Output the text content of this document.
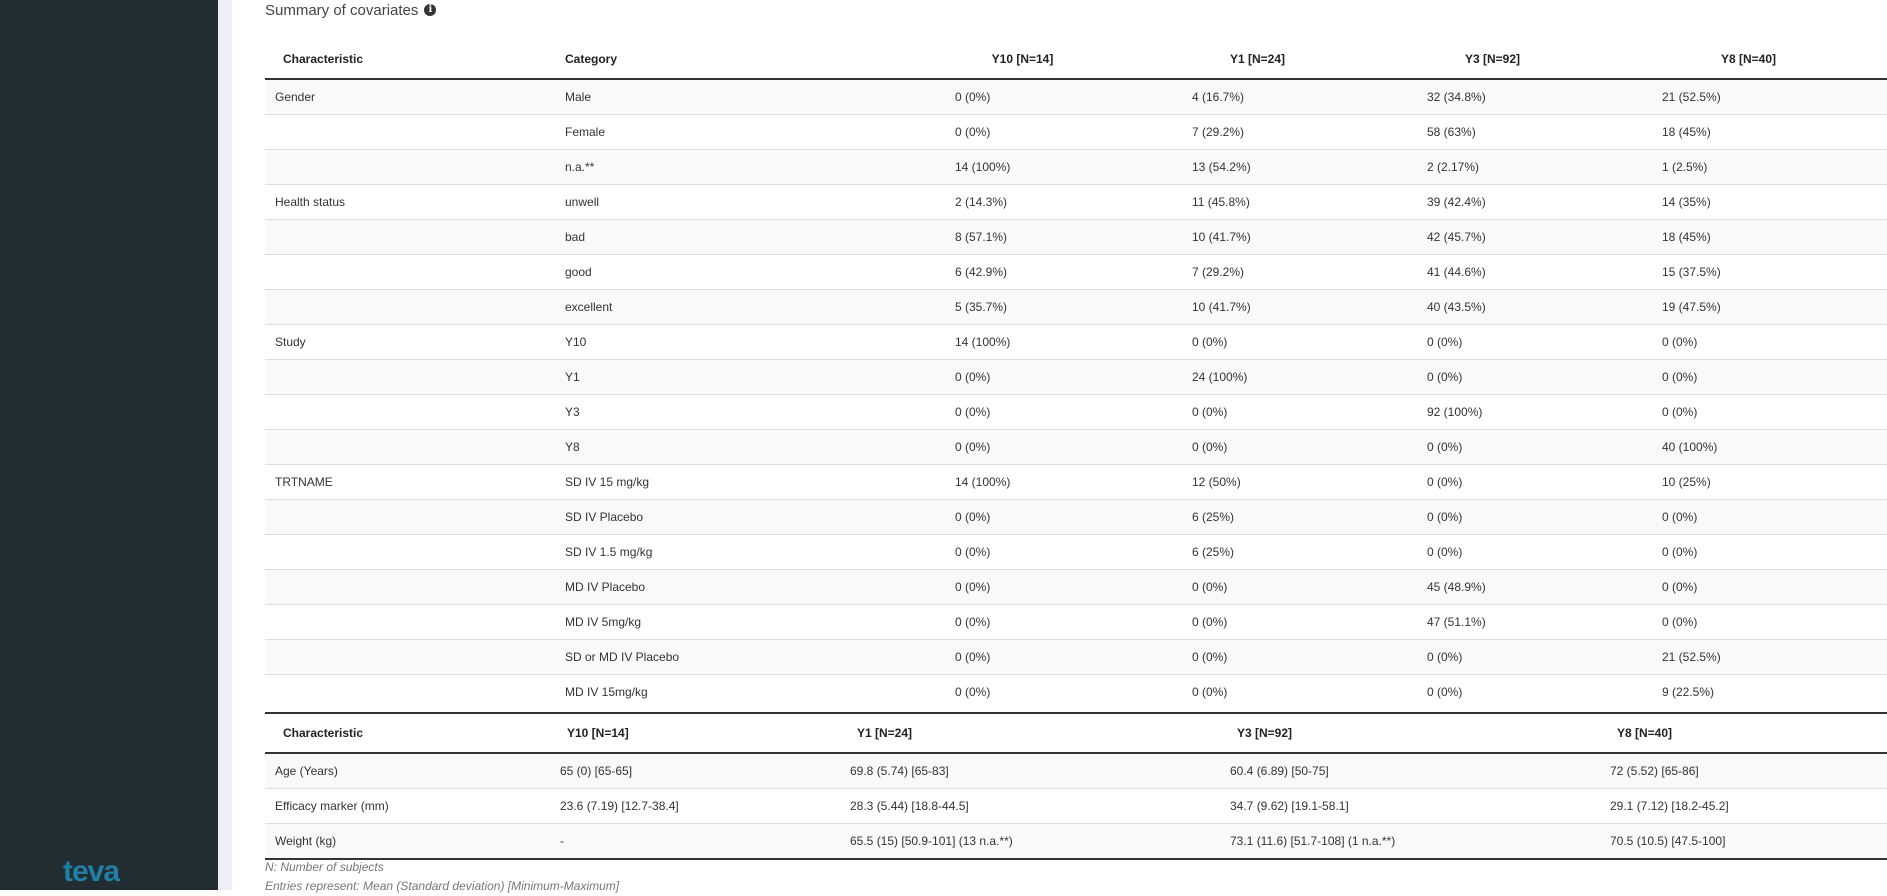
teva
Summary of covariates	i
Characteristic	Category	Y10 [N=14]	Y1 [N=24]	Y3 [N=92]	Y8 [N=40]
Gender	Male	0 (0%)	4 (16.7%)	32 (34.8%)	21 (52.5%)
	Female	0 (0%)	7 (29.2%)	58 (63%)	18 (45%)
	n.a.**	14 (100%)	13 (54.2%)	2 (2.17%)	1 (2.5%)
Health status	unwell	2 (14.3%)	11 (45.8%)	39 (42.4%)	14 (35%)
	bad	8 (57.1%)	10 (41.7%)	42 (45.7%)	18 (45%)
	good	6 (42.9%)	7 (29.2%)	41 (44.6%)	15 (37.5%)
	excellent	5 (35.7%)	10 (41.7%)	40 (43.5%)	19 (47.5%)
Study	Y10	14 (100%)	0 (0%)	0 (0%)	0 (0%)
	Y1	0 (0%)	24 (100%)	0 (0%)	0 (0%)
	Y3	0 (0%)	0 (0%)	92 (100%)	0 (0%)
	Y8	0 (0%)	0 (0%)	0 (0%)	40 (100%)
TRTNAME	SD IV 15 mg/kg	14 (100%)	12 (50%)	0 (0%)	10 (25%)
	SD IV Placebo	0 (0%)	6 (25%)	0 (0%)	0 (0%)
	SD IV 1.5 mg/kg	0 (0%)	6 (25%)	0 (0%)	0 (0%)
	MD IV Placebo	0 (0%)	0 (0%)	45 (48.9%)	0 (0%)
	MD IV 5mg/kg	0 (0%)	0 (0%)	47 (51.1%)	0 (0%)
	SD or MD IV Placebo	0 (0%)	0 (0%)	0 (0%)	21 (52.5%)
	MD IV 15mg/kg	0 (0%)	0 (0%)	0 (0%)	9 (22.5%)
Characteristic	Y10 [N=14]	Y1 [N=24]	Y3 [N=92]	Y8 [N=40]
Age (Years)	65 (0) [65-65]	69.8 (5.74) [65-83]	60.4 (6.89) [50-75]	72 (5.52) [65-86]
Efficacy marker (mm)	23.6 (7.19) [12.7-38.4]	28.3 (5.44) [18.8-44.5]	34.7 (9.62) [19.1-58.1]	29.1 (7.12) [18.2-45.2]
Weight (kg)	-	65.5 (15) [50.9-101] (13 n.a.**)	73.1 (11.6) [51.7-108] (1 n.a.**)	70.5 (10.5) [47.5-100]
N: Number of subjects
Entries represent: Mean (Standard deviation) [Minimum-Maximum]
